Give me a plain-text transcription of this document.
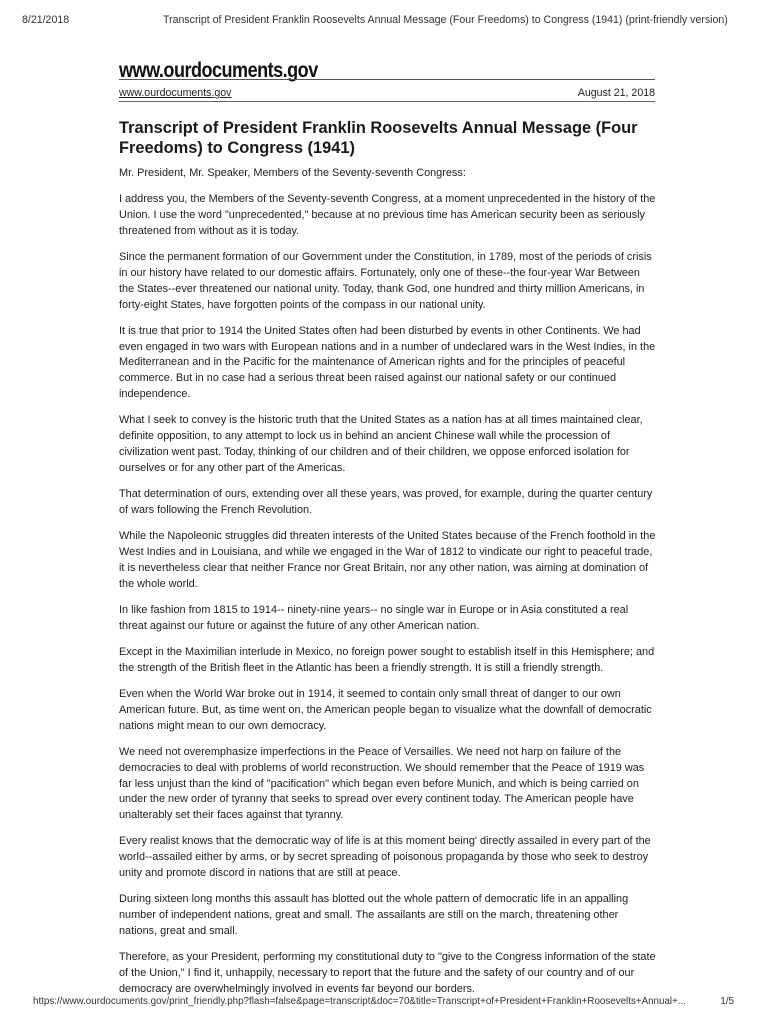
8/21/2018	Transcript of President Franklin Roosevelts Annual Message (Four Freedoms) to Congress (1941) (print-friendly version)
www.ourdocuments.gov
www.ourdocuments.gov	August 21, 2018
Transcript of President Franklin Roosevelts Annual Message (Four Freedoms) to Congress (1941)

Mr. President, Mr. Speaker, Members of the Seventy-seventh Congress:

I address you, the Members of the Seventy-seventh Congress, at a moment unprecedented in the history of the Union. I use the word "unprecedented," because at no previous time has American security been as seriously threatened from without as it is today.

Since the permanent formation of our Government under the Constitution, in 1789, most of the periods of crisis in our history have related to our domestic affairs. Fortunately, only one of these--the four-year War Between the States--ever threatened our national unity. Today, thank God, one hundred and thirty million Americans, in forty-eight States, have forgotten points of the compass in our national unity.

It is true that prior to 1914 the United States often had been disturbed by events in other Continents. We had even engaged in two wars with European nations and in a number of undeclared wars in the West Indies, in the Mediterranean and in the Pacific for the maintenance of American rights and for the principles of peaceful commerce. But in no case had a serious threat been raised against our national safety or our continued independence.

What I seek to convey is the historic truth that the United States as a nation has at all times maintained clear, definite opposition, to any attempt to lock us in behind an ancient Chinese wall while the procession of civilization went past. Today, thinking of our children and of their children, we oppose enforced isolation for ourselves or for any other part of the Americas.

That determination of ours, extending over all these years, was proved, for example, during the quarter century of wars following the French Revolution.

While the Napoleonic struggles did threaten interests of the United States because of the French foothold in the West Indies and in Louisiana, and while we engaged in the War of 1812 to vindicate our right to peaceful trade, it is nevertheless clear that neither France nor Great Britain, nor any other nation, was aiming at domination of the whole world.

In like fashion from 1815 to 1914-- ninety-nine years-- no single war in Europe or in Asia constituted a real threat against our future or against the future of any other American nation.

Except in the Maximilian interlude in Mexico, no foreign power sought to establish itself in this Hemisphere; and the strength of the British fleet in the Atlantic has been a friendly strength. It is still a friendly strength.

Even when the World War broke out in 1914, it seemed to contain only small threat of danger to our own American future. But, as time went on, the American people began to visualize what the downfall of democratic nations might mean to our own democracy.

We need not overemphasize imperfections in the Peace of Versailles. We need not harp on failure of the democracies to deal with problems of world reconstruction. We should remember that the Peace of 1919 was far less unjust than the kind of "pacification" which began even before Munich, and which is being carried on under the new order of tyranny that seeks to spread over every continent today. The American people have unalterably set their faces against that tyranny.

Every realist knows that the democratic way of life is at this moment being' directly assailed in every part of the world--assailed either by arms, or by secret spreading of poisonous propaganda by those who seek to destroy unity and promote discord in nations that are still at peace.

During sixteen long months this assault has blotted out the whole pattern of democratic life in an appalling number of independent nations, great and small. The assailants are still on the march, threatening other nations, great and small.

Therefore, as your President, performing my constitutional duty to "give to the Congress information of the state of the Union," I find it, unhappily, necessary to report that the future and the safety of our country and of our democracy are overwhelmingly involved in events far beyond our borders.

https://www.ourdocuments.gov/print_friendly.php?flash=false&page=transcript&doc=70&title=Transcript+of+President+Franklin+Roosevelts+Annual+...	1/5
